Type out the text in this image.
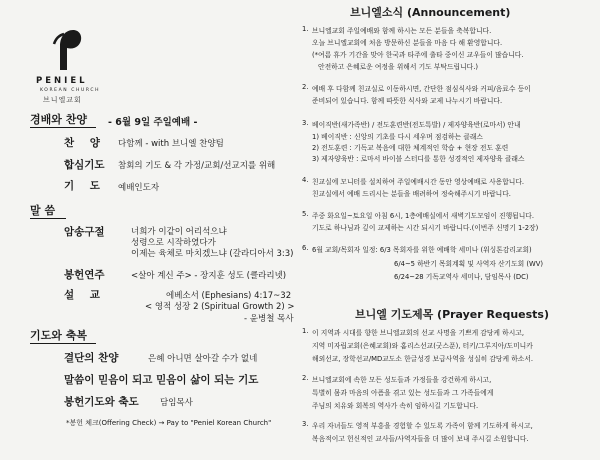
PENIEL
KOREAN CHURCH
브니엘교회
경배와 찬양 - 6월 9일 주일예배 -
찬 양 다함께 - with 브니엘 찬양팀
합심기도 참회의 기도 & 각 가정/교회/선교지를 위해
기 도 예배인도자
말 씀
암송구절	너희가 이같이 어리석으냐
성령으로 시작하였다가
이제는 육체로 마치겠느냐 (갈라디아서 3:3)
봉헌연주	<살아 계신 주> - 장지훈 성도 (클라리넷)
설 교	에베소서 (Ephesians) 4:17~32
< 영적 성장 2 (Spiritual Growth 2) >
- 윤병철 목사
기도와 축복
결단의 찬양	은혜 아니면 살아갈 수가 없네
말씀이 믿음이 되고 믿음이 삶이 되는 기도
봉헌기도와 축도	담임목사
*봉헌 체크(Offering Check) → Pay to "Peniel Korean Church"
브니엘소식 (Announcement)
1. 브니엘교회 주일예배와 함께 하시는 모든 분들을 축복합니다.
오늘 브니엘교회에 처음 방문하신 분들을 마음 다 해 환영합니다.
(*여름 휴가 기간을 맞아 한국과 타주에 출타 중이신 교우들이 많습니다.
안전하고 은혜로운 여정을 위해서 기도 부탁드립니다.)
2. 예배 후 다함께 친교실로 이동하시면, 간단한 점심식사와 커피/음료수 등이
준비되어 있습니다. 함께 따뜻한 식사와 교제 나누시기 바랍니다.
3. 베이직반(새가족반) / 전도훈련반(전도특발) / 제자양육반(로마서) 안내
1) 베이직반 : 신앙의 기초를 다시 세우며 점검하는 클래스
2) 전도훈련 : 기독교 복음에 대한 체계적인 학습 + 현장 전도 훈련
3) 제자양육반 : 로마서 바이블 스터디를 통한 성경적인 제자양육 클래스
4. 친교실에 모니터를 설치하여 주일예배시간 동안 영상예배로 사용합니다.
친교실에서 예배 드리시는 분들을 배려하여 정숙해주시기 바랍니다.
5. 주중 화요일~토요일 아침 6시, 1층예배실에서 새벽기도모임이 진행됩니다.
기도로 하나님과 깊이 교제하는 시간 되시기 바랍니다.(이번주 신명기 1-2장)
6. 6월 교회/목회자 일정: 6/3 목회자를 위한 예배학 세미나 (워싱톤감리교회)
6/4~5 하반기 목회계획 및 사역자 산기도회 (WV)
6/24~28 기독교역사 세미나, 담임목사 (DC)
브니엘 기도제목 (Prayer Requests)
1. 이 지역과 시대를 향한 브니엘교회의 선교 사명을 기쁘게 감당케 하시고,
지역 미자립교회(은혜교회)와 홈리스선교(굿스푼), 터키/그루지아/도미니카
해외선교, 장학선교/MD교도소 한글성경 보급사역을 성실히 감당케 하소서.
2. 브니엘교회에 속한 모든 성도들과 가정들을 강건하게 하시고,
특별히 몸과 마음의 아픔을 겪고 있는 성도들과 그 가족들에게
주님의 치유와 회복의 역사가 속히 임하시길 기도합니다.
3. 우리 자녀들도 영적 부흥을 경험할 수 있도록 가족이 함께 기도하게 하시고,
복음적이고 헌신적인 교사들/사역자들을 더 많이 보내 주시길 소원합니다.
